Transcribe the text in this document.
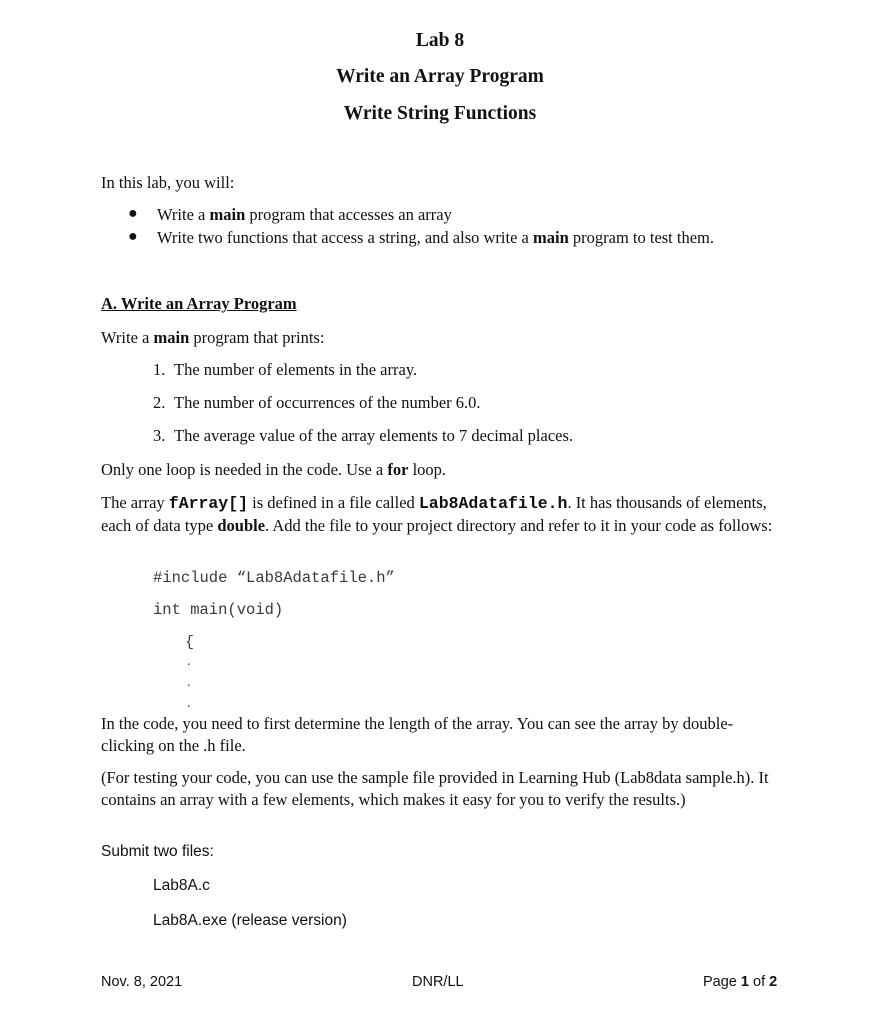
Lab 8
Write an Array Program
Write String Functions
In this lab, you will:
● Write a main program that accesses an array
● Write two functions that access a string, and also write a main program to test them.
A. Write an Array Program
Write a main program that prints:
1. The number of elements in the array.
2. The number of occurrences of the number 6.0.
3. The average value of the array elements to 7 decimal places.
Only one loop is needed in the code. Use a for loop.
The array fArray[] is defined in a file called Lab8Adatafile.h. It has thousands of elements, each of data type double. Add the file to your project directory and refer to it in your code as follows:
#include “Lab8Adatafile.h”
int main(void)
{
.
.
.
In the code, you need to first determine the length of the array. You can see the array by double-clicking on the .h file.
(For testing your code, you can use the sample file provided in Learning Hub (Lab8data sample.h). It contains an array with a few elements, which makes it easy for you to verify the results.)
Submit two files:
Lab8A.c
Lab8A.exe (release version)
Nov. 8, 2021	DNR/LL	Page 1 of 2
